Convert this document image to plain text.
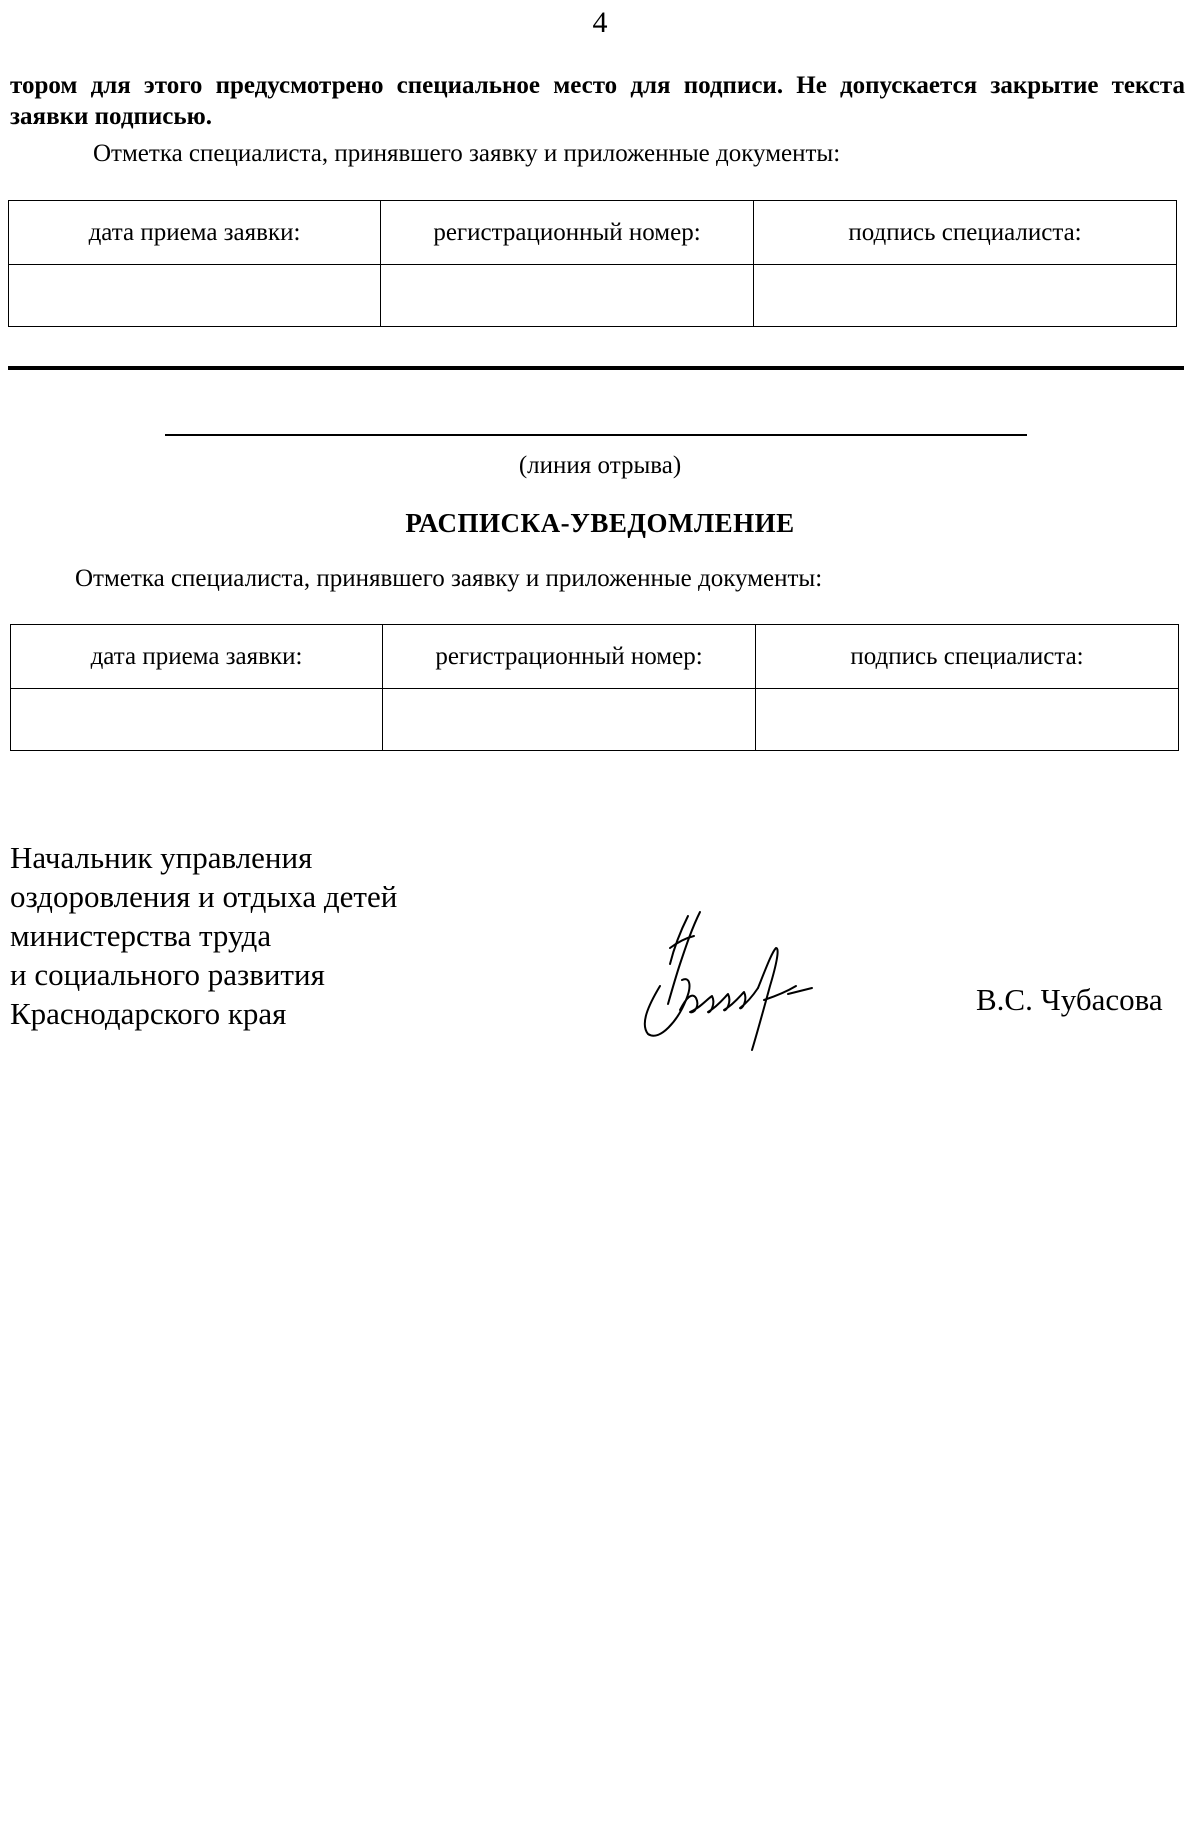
4
тором для этого предусмотрено специальное место для подписи. Не допускается закрытие текста заявки подписью.
Отметка специалиста, принявшего заявку и приложенные документы:
дата приема заявки:	регистрационный номер:	подпись специалиста:

(линия отрыва)
РАСПИСКА-УВЕДОМЛЕНИЕ
Отметка специалиста, принявшего заявку и приложенные документы:
дата приема заявки:	регистрационный номер:	подпись специалиста:

Начальник управления
оздоровления и отдыха детей
министерства труда
и социального развития
Краснодарского края	В.С. Чубасова
